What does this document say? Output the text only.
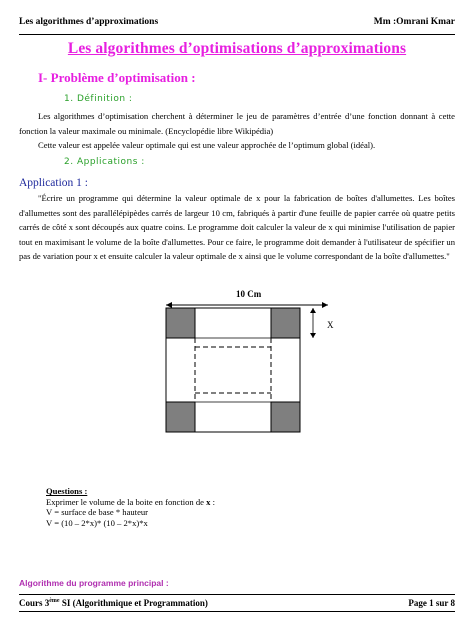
Les algorithmes d’approximations	Mm :Omrani Kmar
Les algorithmes d’optimisations d’approximations
I- Problème d’optimisation :
1. Définition :
Les algorithmes d’optimisation cherchent à déterminer le jeu de paramètres d’entrée d’une fonction donnant à cette fonction la valeur maximale ou minimale. (Encyclopédie libre Wikipédia)
Cette valeur est appelée valeur optimale qui est une valeur approchée de l’optimum global (idéal).
2. Applications :
Application 1 :
"Écrire un programme qui détermine la valeur optimale de x pour la fabrication de boîtes d'allumettes. Les boîtes d'allumettes sont des parallélépipèdes carrés de largeur 10 cm, fabriqués à partir d'une feuille de papier carrée où quatre petits carrés de côté x sont découpés aux quatre coins. Le programme doit calculer la valeur de x qui minimise l'utilisation de papier tout en maximisant le volume de la boîte d'allumettes. Pour ce faire, le programme doit demander à l'utilisateur de spécifier un pas de variation pour x et ensuite calculer la valeur optimale de x ainsi que le volume correspondant de la boîte d'allumettes."
10 Cm
X
Questions :
Exprimer le volume de la boite en fonction de x :
V = surface de base * hauteur
V = (10 – 2*x)* (10 – 2*x)*x
Algorithme du programme principal :
Cours 3ème SI (Algorithmique et Programmation)	Page 1 sur 8
